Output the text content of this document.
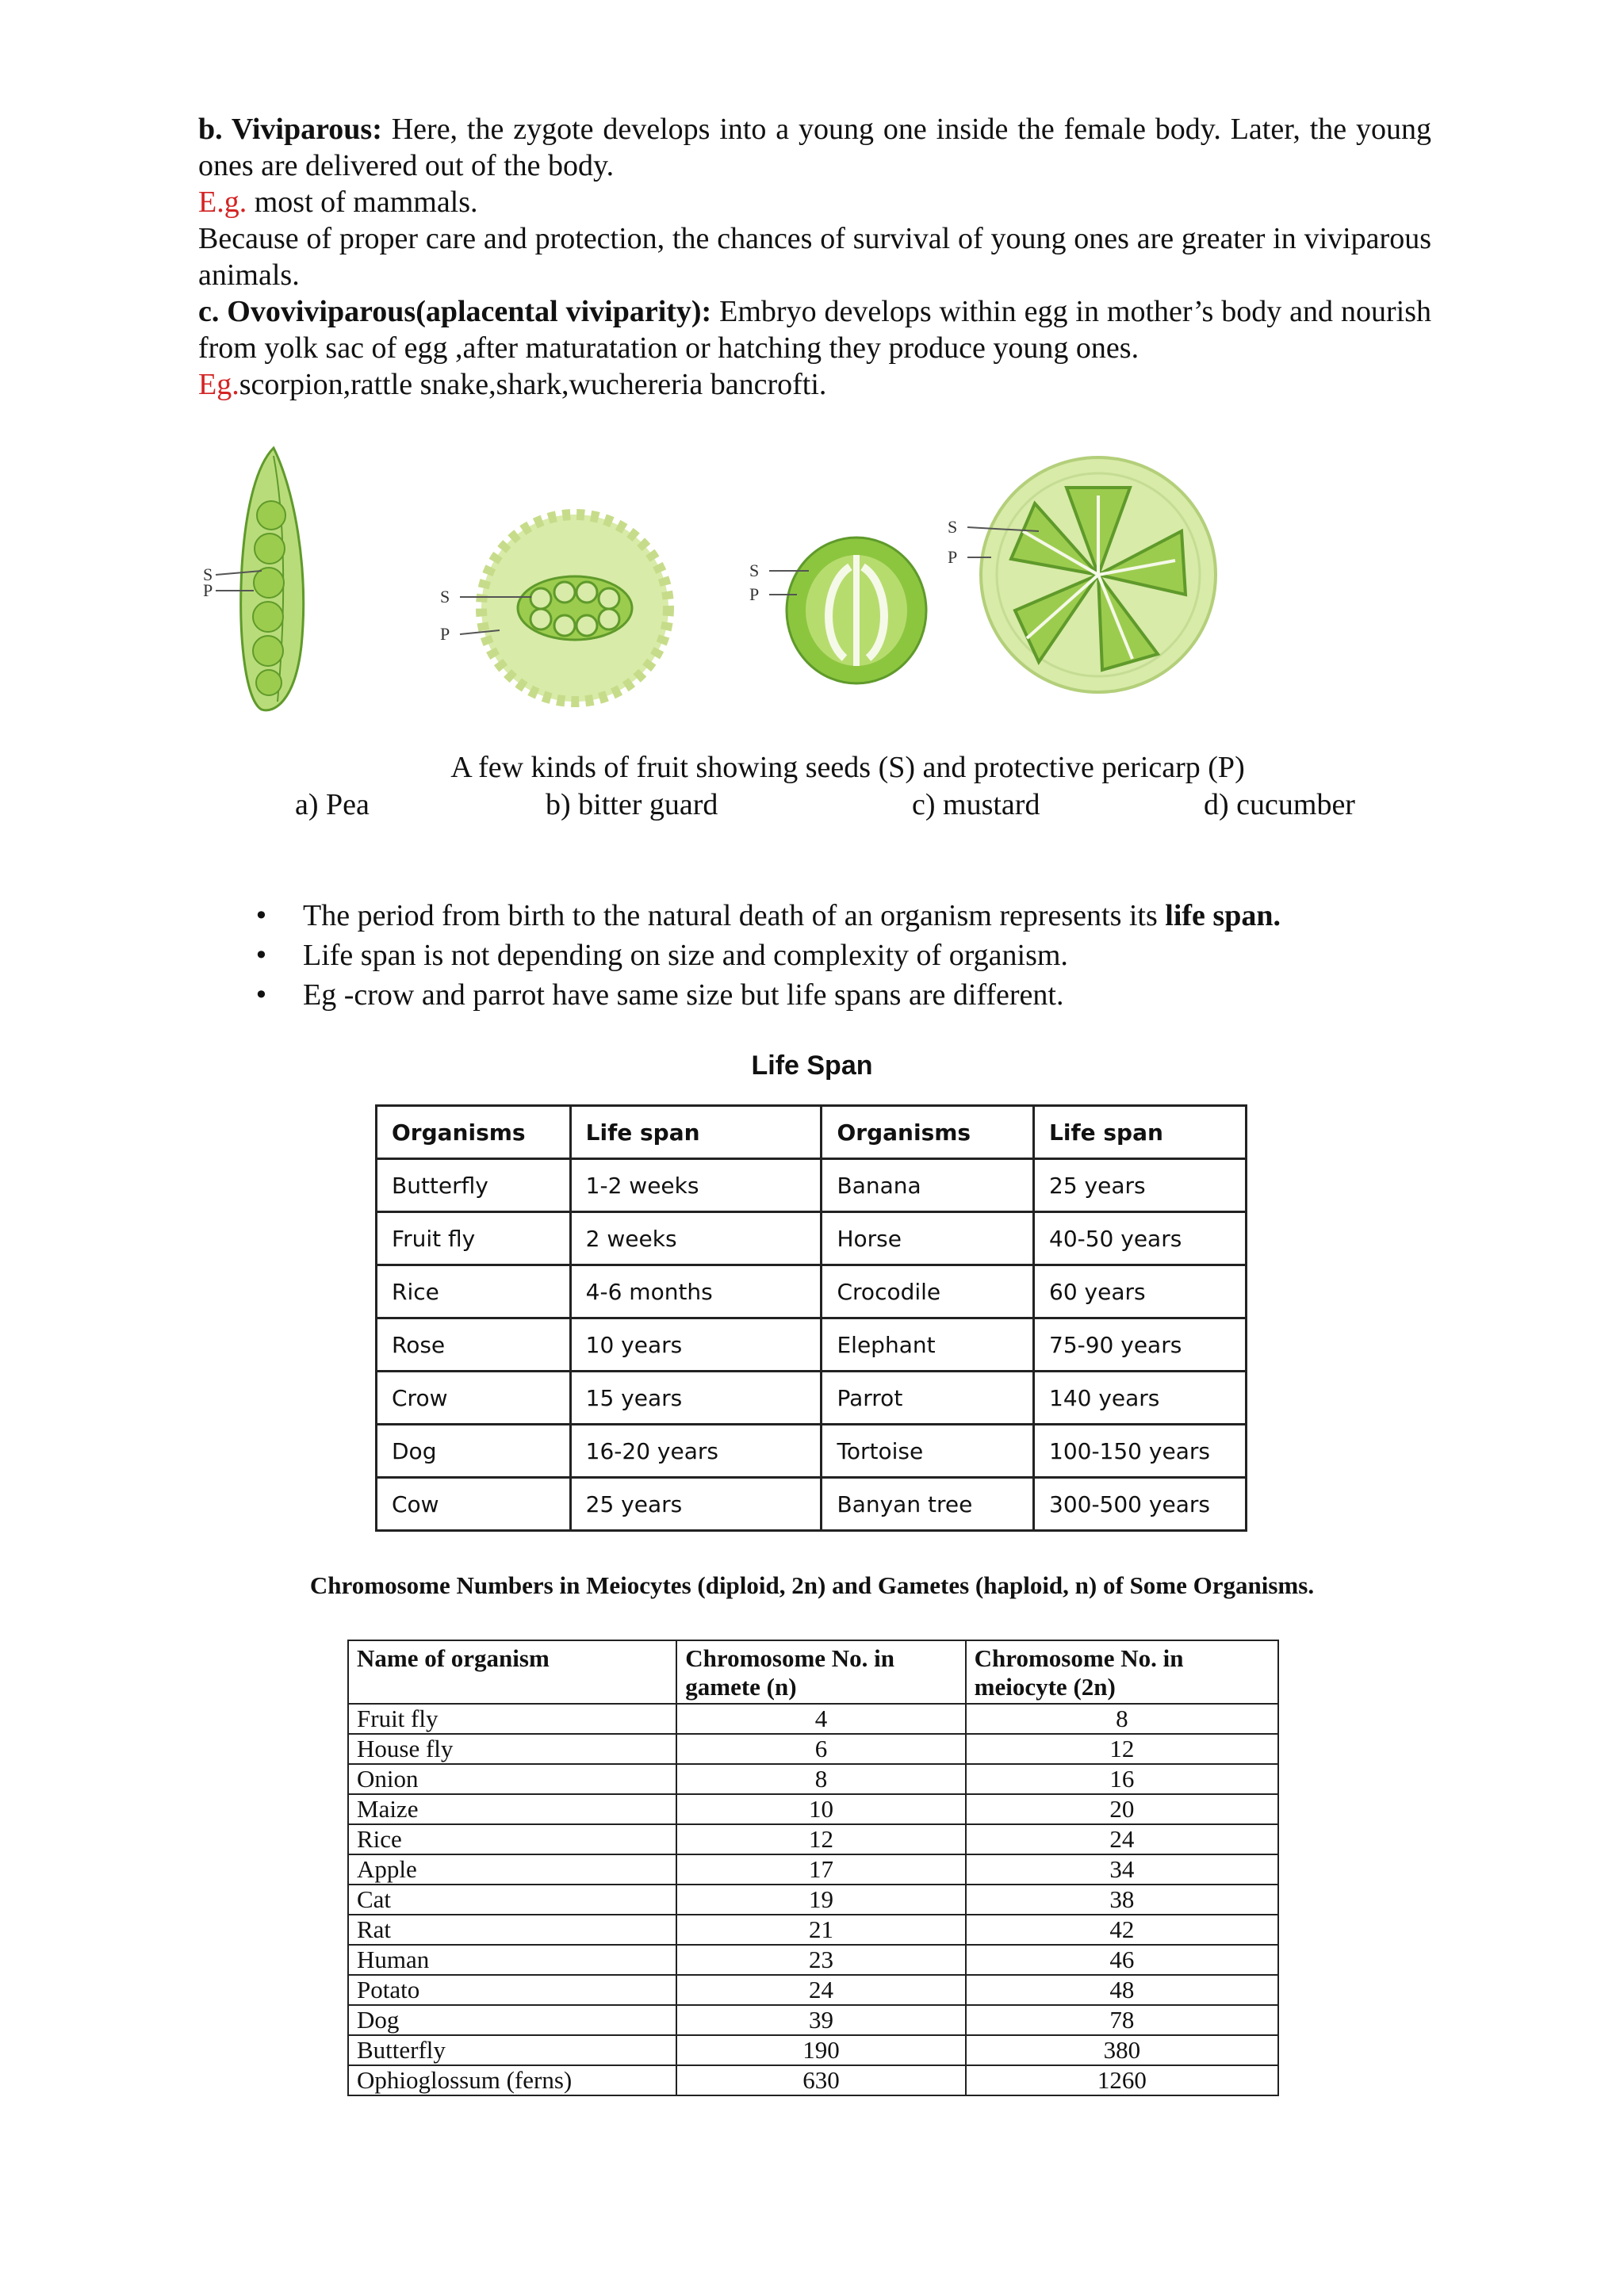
b. Viviparous: Here, the zygote develops into a young one inside the female body. Later, the young ones are delivered out of the body.
E.g. most of mammals.
Because of proper care and protection, the chances of survival of young ones are greater in viviparous animals.
c. Ovoviviparous(aplacental viviparity): Embryo develops within egg in mother’s body and nourish from yolk sac of egg ,after maturatation or hatching they produce young ones.
Eg.scorpion,rattle snake,shark,wuchereria bancrofti.
S
P	S
P
S
P
S
P
A few kinds of fruit showing seeds (S) and protective pericarp (P)
a) Pea	b) bitter guard	c) mustard	d) cucumber
• The period from birth to the natural death of an organism represents its life span.
• Life span is not depending on size and complexity of organism.
• Eg -crow and parrot have same size but life spans are different.
Life Span
Organisms	Life span	Organisms	Life span
Butterfly	1-2 weeks	Banana	25 years
Fruit fly	2 weeks	Horse	40-50 years
Rice	4-6 months	Crocodile	60 years
Rose	10 years	Elephant	75-90 years
Crow	15 years	Parrot	140 years
Dog	16-20 years	Tortoise	100-150 years
Cow	25 years	Banyan tree	300-500 years
Chromosome Numbers in Meiocytes (diploid, 2n) and Gametes (haploid, n) of Some Organisms.
Name of organism	Chromosome No. in gamete (n)	Chromosome No. in meiocyte (2n)
Fruit fly	4	8
House fly	6	12
Onion	8	16
Maize	10	20
Rice	12	24
Apple	17	34
Cat	19	38
Rat	21	42
Human	23	46
Potato	24	48
Dog	39	78
Butterfly	190	380
Ophioglossum (ferns)	630	1260
